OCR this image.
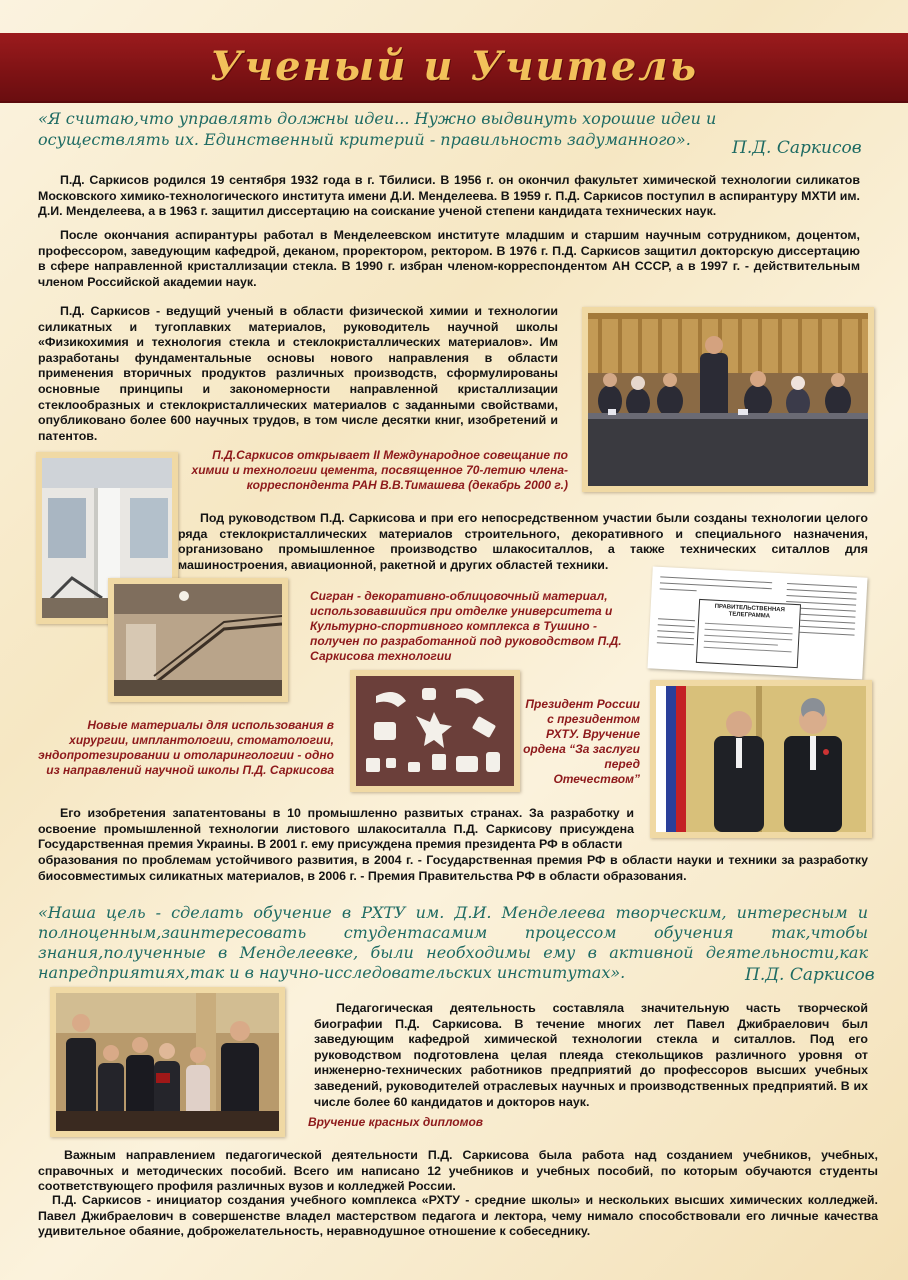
Ученый и Учитель
«Я считаю,что управлять должны идеи... Нужно выдвинуть хорошие идеи и осуществлять их. Единственный критерий - правильность задуманного».	П.Д. Саркисов
П.Д. Саркисов родился 19 сентября 1932 года в г. Тбилиси. В 1956 г. он окончил факультет химической технологии силикатов Московского химико-технологического института имени Д.И. Менделеева. В 1959 г. П.Д. Саркисов поступил в аспирантуру МХТИ им. Д.И. Менделеева, а в 1963 г. защитил диссертацию на соискание ученой степени кандидата технических наук.
После окончания аспирантуры работал в Менделеевском институте младшим и старшим научным сотрудником, доцентом, профессором, заведующим кафедрой, деканом, проректором, ректором. В 1976 г. П.Д. Саркисов защитил докторскую диссертацию в сфере направленной кристаллизации стекла. В 1990 г. избран членом-корреспондентом АН СССР, а в 1997 г. - действительным членом Российской академии наук.
П.Д. Саркисов - ведущий ученый в области физической химии и технологии силикатных и тугоплавких материалов, руководитель научной школы «Физикохимия и технология стекла и стеклокристаллических материалов». Им разработаны фундаментальные основы нового направления в области применения вторичных продуктов различных производств, сформулированы основные принципы и закономерности направленной кристаллизации стеклообразных и стеклокристаллических материалов с заданными свойствами, опубликовано более 600 научных трудов, в том числе десятки книг, изобретений и патентов.
П.Д.Саркисов открывает II Международное совещание по химии и технологии цемента, посвященное 70-летию члена-корреспондента РАН В.В.Тимашева (декабрь 2000 г.)
Под руководством П.Д. Саркисова и при его непосредственном участии были созданы технологии целого ряда стеклокристаллических материалов строительного, декоративного и специального назначения, организовано промышленное производство шлакоситаллов, а также технических ситаллов для машиностроения, авиационной, ракетной и других областей техники.
Сигран - декоративно-облицовочный материал, использовавшийся при отделке университета и Культурно-спортивного комплекса в Тушино - получен по разработанной под руководством П.Д. Саркисова технологии
ПРАВИТЕЛЬСТВЕННАЯ ТЕЛЕГРАММА
Президент России с президентом РХТУ. Вручение ордена “За заслуги перед Отечеством”
Новые материалы для использования в хирургии, имплантологии, стоматологии, эндопротезировании и отоларингологии - одно из направлений научной школы П.Д. Саркисова
Его изобретения запатентованы в 10 промышленно развитых странах. За разработку и освоение промышленной технологии листового шлакоситалла П.Д. Саркисову присуждена Государственная премия Украины. В 2001 г. ему присуждена премия президента РФ в области
образования по проблемам устойчивого развития, в 2004 г. - Государственная премия РФ в области науки и техники за разработку биосовместимых силикатных материалов, в 2006 г. - Премия Правительства РФ в области образования.
«Наша цель - сделать обучение в РХТУ им. Д.И. Менделеева творческим, интересным и полноценным,заинтересовать студентасамим процессом обучения так,чтобы знания,полученные в Менделеевке, были необходимы ему в активной деятельности,как напредприятиях,так и в научно-исследовательских институтах».	П.Д. Саркисов
Педагогическая деятельность составляла значительную часть творческой биографии П.Д. Саркисова. В течение многих лет Павел Джибраелович был заведующим кафедрой химической технологии стекла и ситаллов. Под его руководством подготовлена целая плеяда стекольщиков различного уровня от инженерно-технических работников предприятий до профессоров высших учебных заведений, руководителей отраслевых научных и производственных предприятий. В их числе более 60 кандидатов и докторов наук.
Вручение красных дипломов
Важным направлением педагогической деятельности П.Д. Саркисова была работа над созданием учебников, учебных, справочных и методических пособий. Всего им написано 12 учебников и учебных пособий, по которым обучаются студенты соответствующего профиля различных вузов и колледжей России.
П.Д. Саркисов - инициатор создания учебного комплекса «РХТУ - средние школы» и нескольких высших химических колледжей. Павел Джибраелович в совершенстве владел мастерством педагога и лектора, чему нимало способствовали его личные качества удивительное обаяние, доброжелательность, неравнодушное отношение к собеседнику.
